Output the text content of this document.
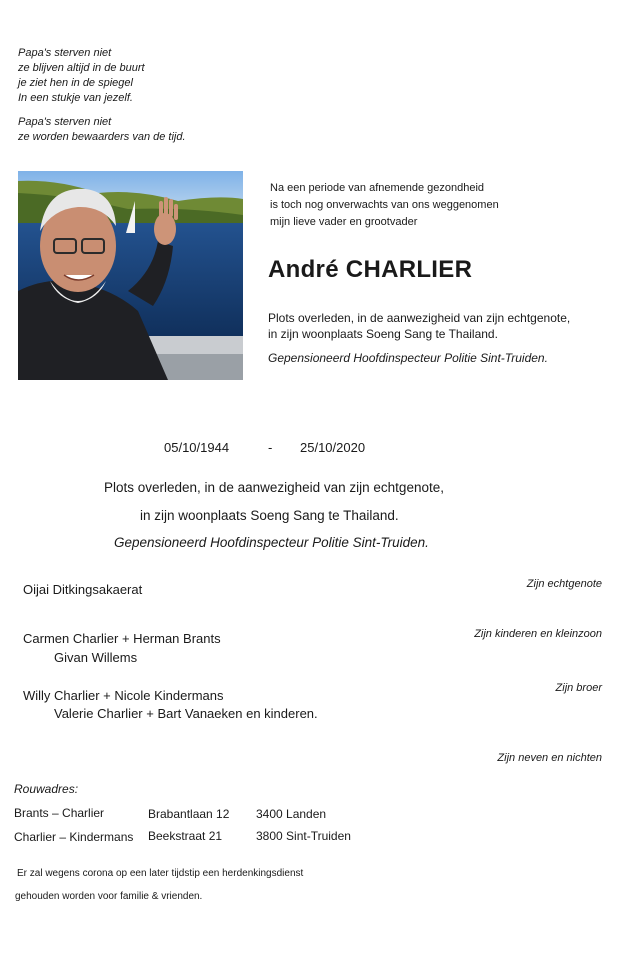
Papa's sterven niet
ze blijven altijd in de buurt
je ziet hen in de spiegel
In een stukje van jezelf.
Papa's sterven niet
ze worden bewaarders van de tijd.
Na een periode van afnemende gezondheid
is toch nog onverwachts van ons weggenomen
mijn lieve vader en grootvader
André CHARLIER
Plots overleden, in de aanwezigheid van zijn echtgenote,
in zijn woonplaats Soeng Sang te Thailand.
Gepensioneerd Hoofdinspecteur Politie Sint-Truiden.
05/10/1944	- 25/10/2020
Plots overleden, in de aanwezigheid van zijn echtgenote,
in zijn woonplaats Soeng Sang te Thailand.
Gepensioneerd Hoofdinspecteur Politie Sint-Truiden.
Oijai Ditkingsakaerat	Zijn echtgenote
Carmen Charlier + Herman Brants
Givan Willems
Zijn kinderen en kleinzoon
Willy Charlier + Nicole Kindermans
Valerie Charlier + Bart Vanaeken en kinderen.
Zijn broer
Zijn neven en nichten
Rouwadres:
Brants – Charlier	Brabantlaan 12 3400 Landen
Charlier – Kindermans Beekstraat 21	3800 Sint-Truiden
Er zal wegens corona op een later tijdstip een herdenkingsdienst
gehouden worden voor familie & vrienden.
